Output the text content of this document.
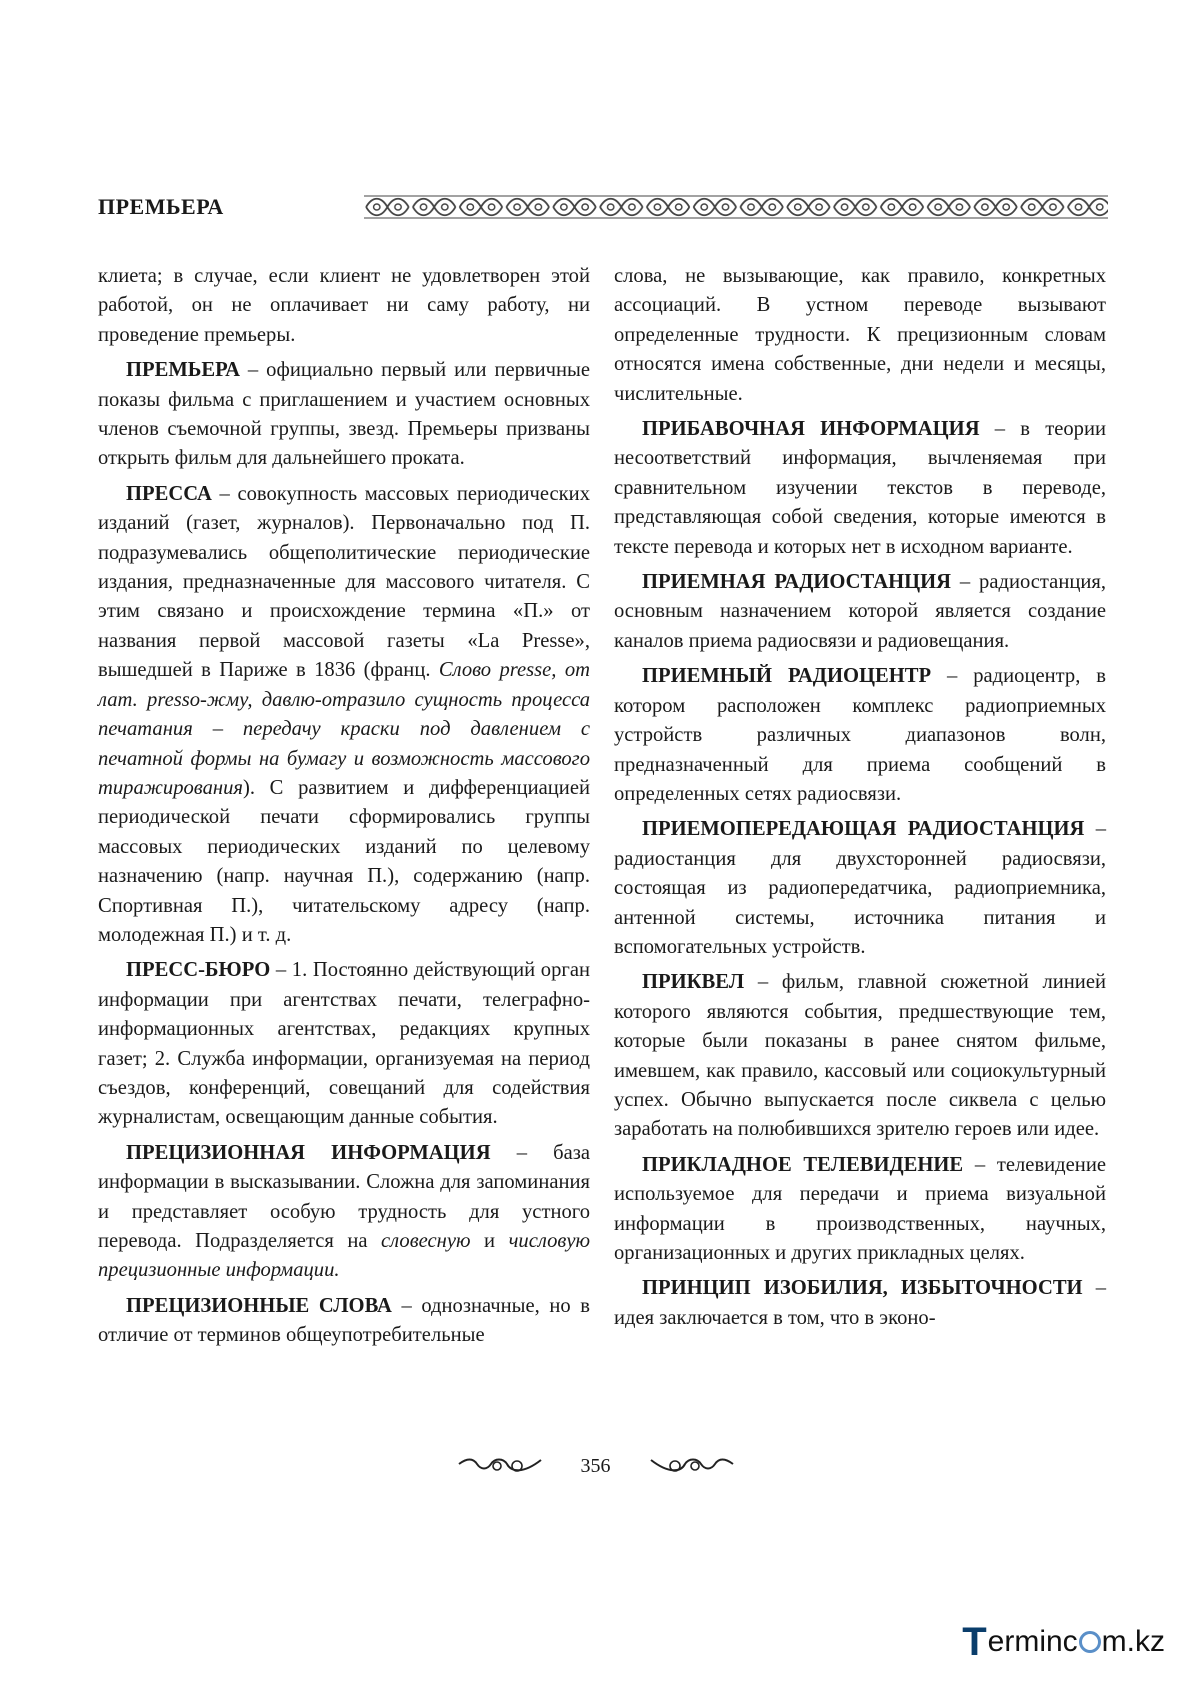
ПРЕМЬЕРА

клиета; в случае, если клиент не удовлетворен этой работой, он не оплачивает ни саму работу, ни проведение премьеры.

ПРЕМЬЕРА – официально первый или первичные показы фильма с приглашением и участием основных членов съемочной группы, звезд. Премьеры призваны открыть фильм для дальнейшего проката.

ПРЕССА – совокупность массовых периодических изданий (газет, журналов). Первоначально под П. подразумевались общеполитические периодические издания, предназначенные для массового читателя. С этим связано и происхождение термина «П.» от названия первой массовой газеты «La Presse», вышедшей в Париже в 1836 (франц. Слово presse, от лат. presso-жму, давлю-отразило сущность процесса печатания – передачу краски под давлением с печатной формы на бумагу и возможность массового тиражирования). С развитием и дифференциацией периодической печати сформировались группы массовых периодических изданий по целевому назначению (напр. научная П.), содержанию (напр. Спортивная П.), читательскому адресу (напр. молодежная П.) и т. д.

ПРЕСС-БЮРО – 1. Постоянно действующий орган информации при агентствах печати, телеграфно-информационных агентствах, редакциях крупных газет; 2. Служба информации, организуемая на период съездов, конференций, совещаний для содействия журналистам, освещающим данные события.

ПРЕЦИЗИОННАЯ ИНФОРМАЦИЯ – база информации в высказывании. Сложна для запоминания и представляет особую трудность для устного перевода. Подразделяется на словесную и числовую прецизионные информации.

ПРЕЦИЗИОННЫЕ СЛОВА – однозначные, но в отличие от терминов общеупотребительные

слова, не вызывающие, как правило, конкретных ассоциаций. В устном переводе вызывают определенные трудности. К прецизионным словам относятся имена собственные, дни недели и месяцы, числительные.

ПРИБАВОЧНАЯ ИНФОРМАЦИЯ – в теории несоответствий информация, вычленяемая при сравнительном изучении текстов в переводе, представляющая собой сведения, которые имеются в тексте перевода и которых нет в исходном варианте.

ПРИЕМНАЯ РАДИОСТАНЦИЯ – радиостанция, основным назначением которой является создание каналов приема радиосвязи и радиовещания.

ПРИЕМНЫЙ РАДИОЦЕНТР – радиоцентр, в котором расположен комплекс радиоприемных устройств различных диапазонов волн, предназначенный для приема сообщений в определенных сетях радиосвязи.

ПРИЕМОПЕРЕДАЮЩАЯ РАДИОСТАНЦИЯ – радиостанция для двухсторонней радиосвязи, состоящая из радиопередатчика, радиоприемника, антенной системы, источника питания и вспомогательных устройств.

ПРИКВЕЛ – фильм, главной сюжетной линией которого являются события, предшествующие тем, которые были показаны в ранее снятом фильме, имевшем, как правило, кассовый или социокультурный успех. Обычно выпускается после сиквела с целью заработать на полюбившихся зрителю героев или идее.

ПРИКЛАДНОЕ ТЕЛЕВИДЕНИЕ – телевидение используемое для передачи и приема визуальной информации в производственных, научных, организационных и других прикладных целях.

ПРИНЦИП ИЗОБИЛИЯ, ИЗБЫТОЧНОСТИ – идея заключается в том, что в эконо-

356
T erminc m.kz
